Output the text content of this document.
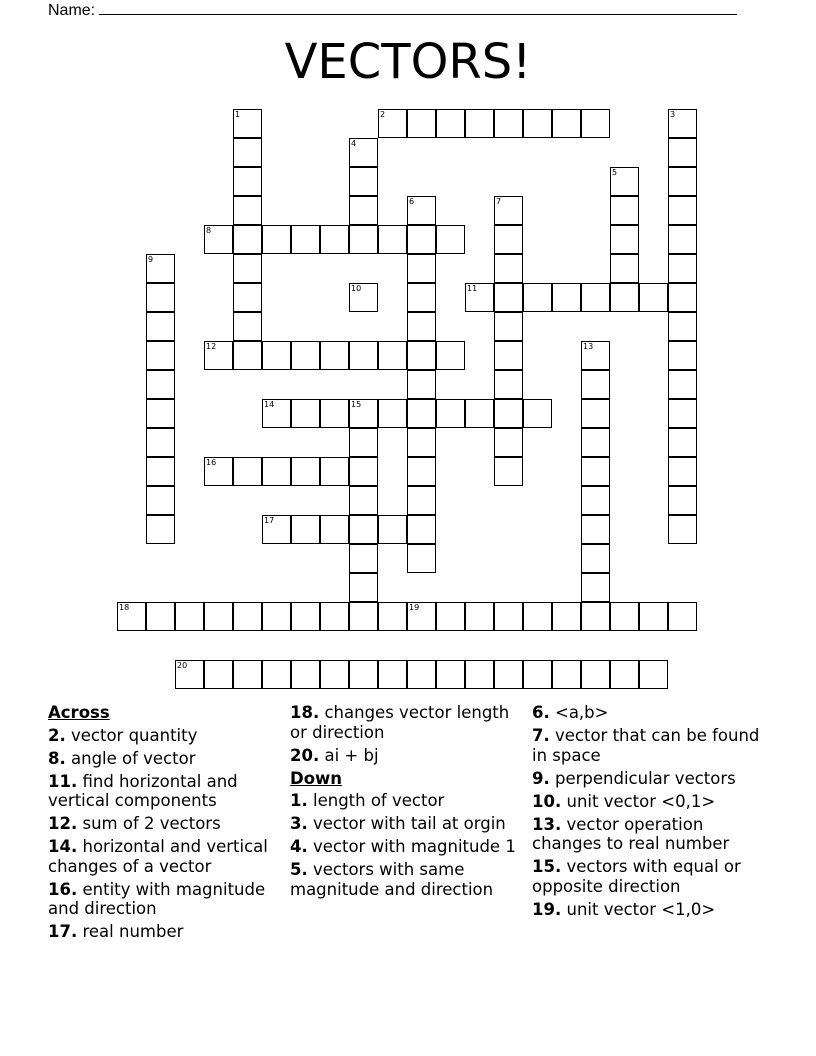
Name:
VECTORS!
1	2	3
4
5
6	7
8
9
10	11
12	13
14	15
16
17
18	19
20
Across
2. vector quantity
8. angle of vector
11. find horizontal and vertical components
12. sum of 2 vectors
14. horizontal and vertical changes of a vector
16. entity with magnitude and direction
17. real number
18. changes vector length or direction
20. ai + bj
Down
1. length of vector
3. vector with tail at orgin
4. vector with magnitude 1
5. vectors with same magnitude and direction
6. <a,b>
7. vector that can be found in space
9. perpendicular vectors
10. unit vector <0,1>
13. vector operation changes to real number
15. vectors with equal or opposite direction
19. unit vector <1,0>
